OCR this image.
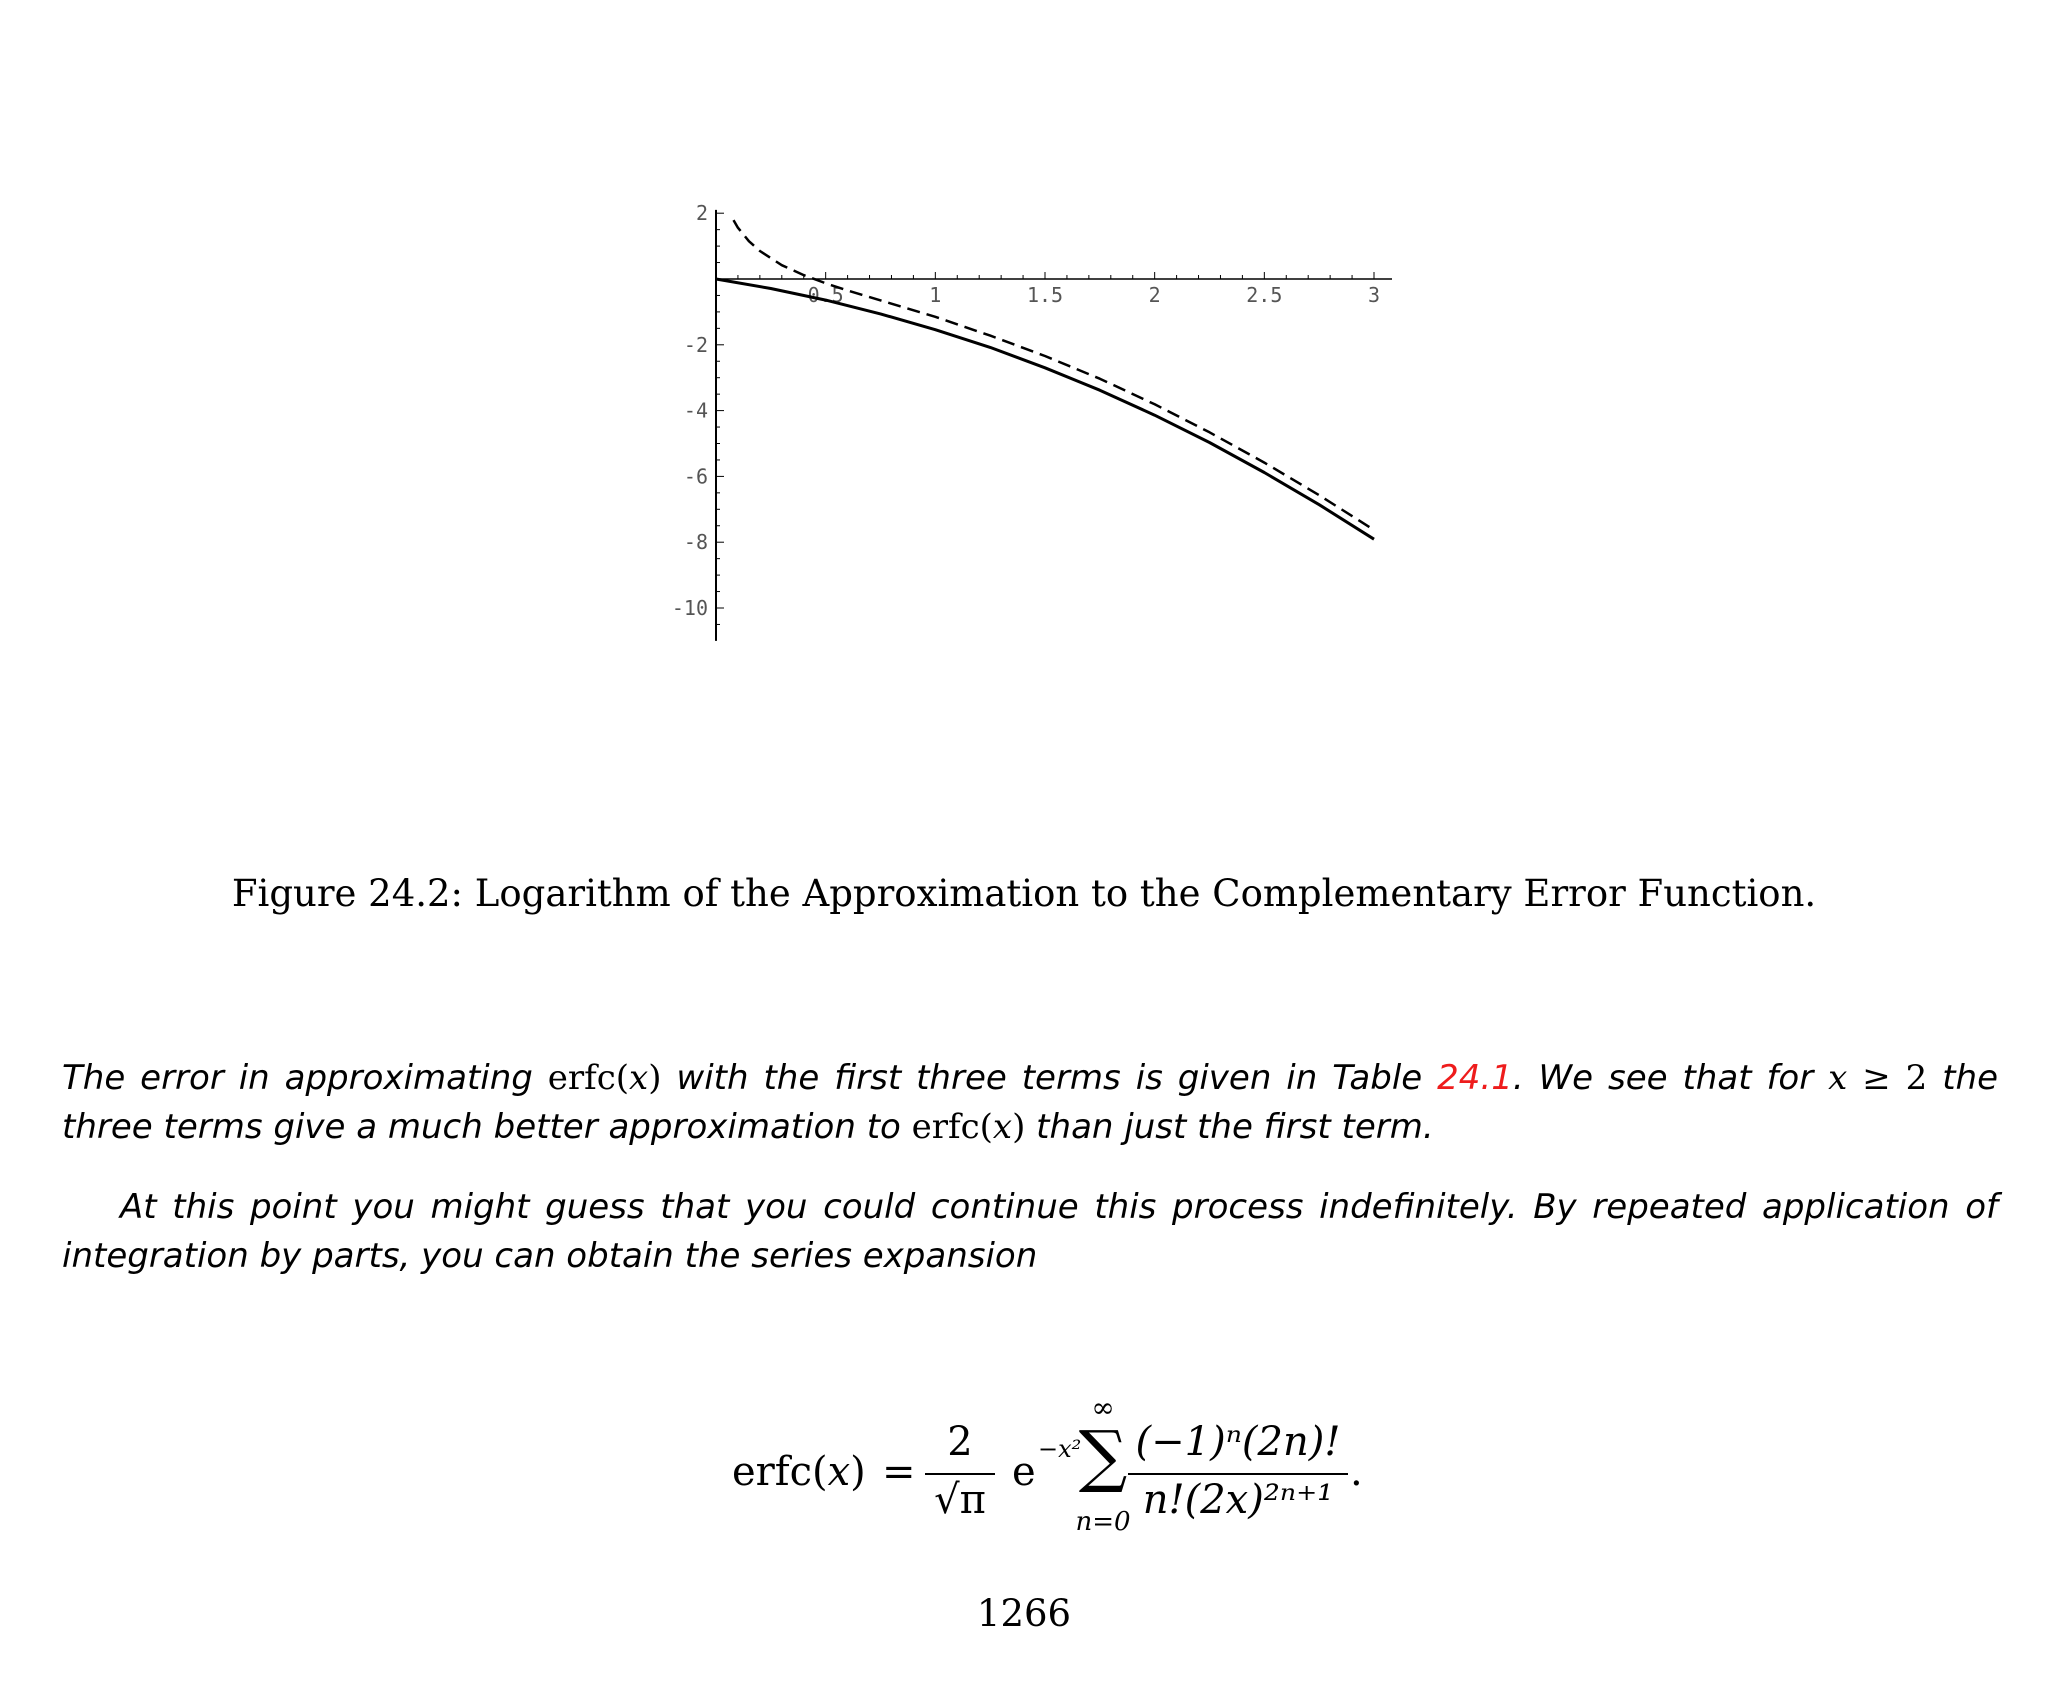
0.5	1	1.5	2	2.5	3
2
-2
-4
-6
-8
-10
Figure 24.2: Logarithm of the Approximation to the Complementary Error Function.
The error in approximating erfc(x) with the first three terms is given in Table 24.1. We see that for x ≥ 2 the three terms give a much better approximation to erfc(x) than just the first term.
At this point you might guess that you could continue this process indefinitely. By repeated application of integration by parts, you can obtain the series expansion
erfc(x) =
2
√π
e −x²
∞
∑
n=0
(−1)ⁿ(2n)!
n!(2x)²ⁿ⁺¹
.
1266
